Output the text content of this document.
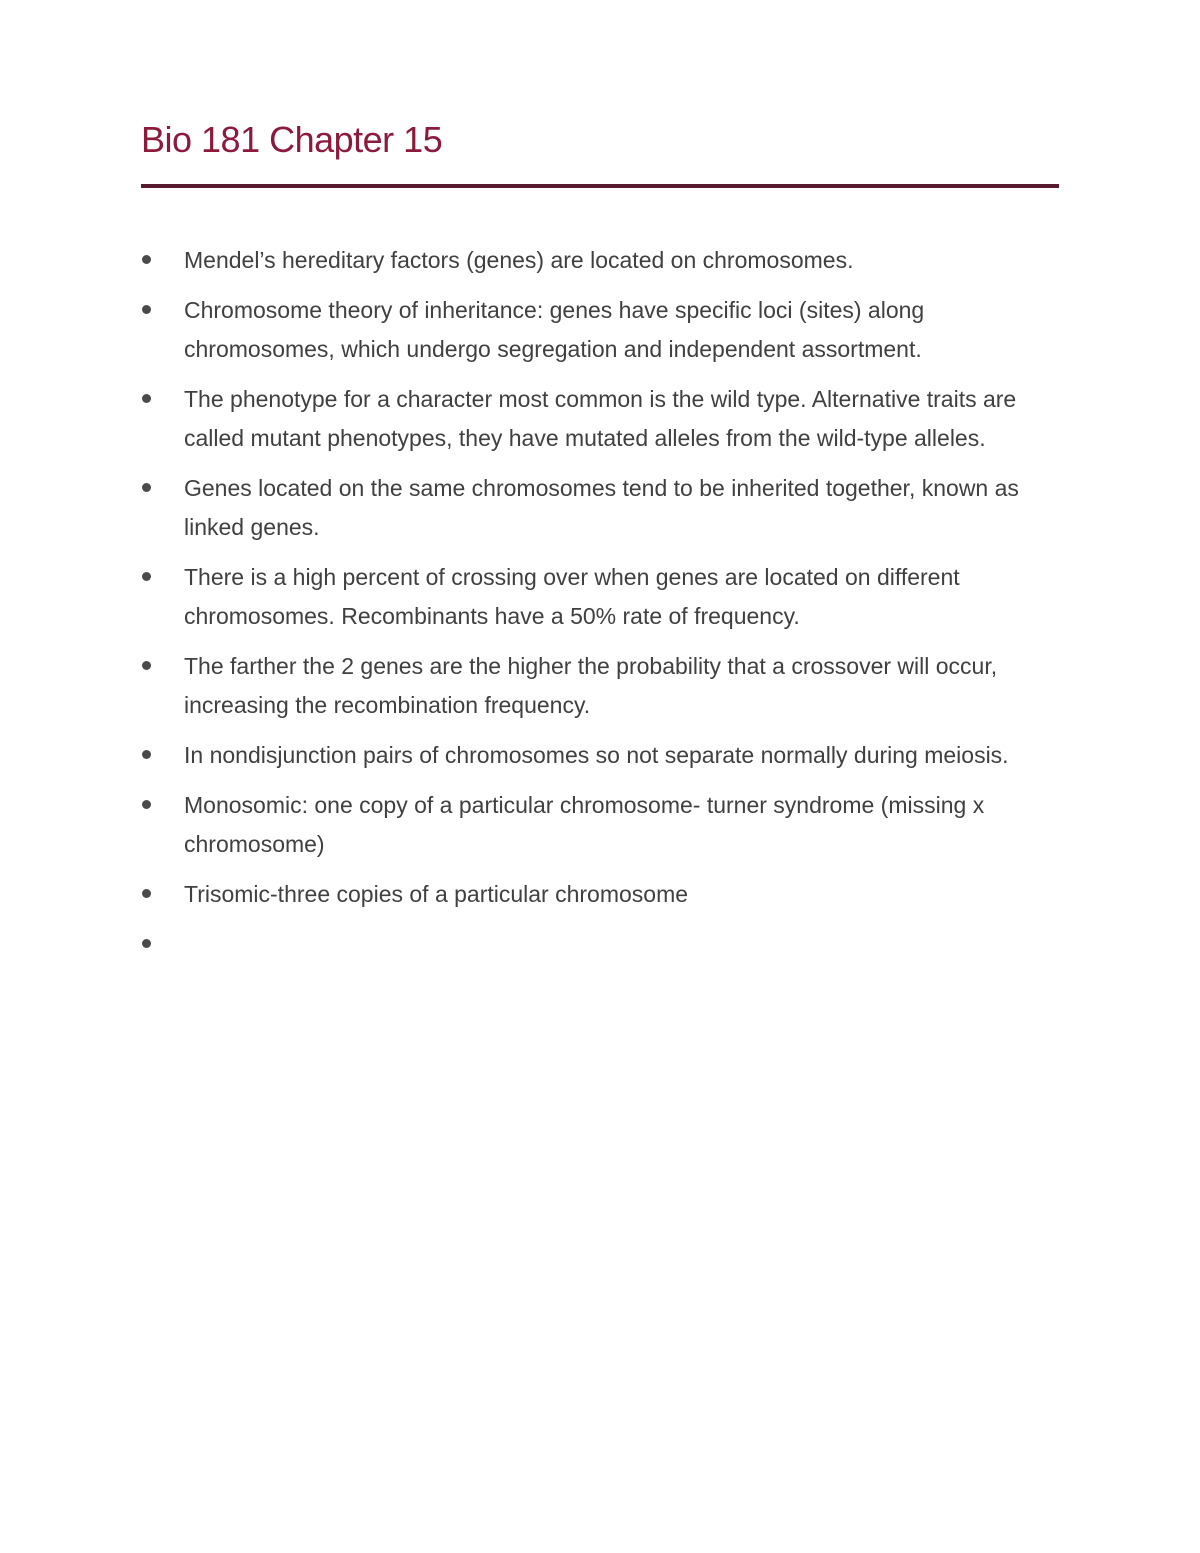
Bio 181 Chapter 15
Mendel’s hereditary factors (genes) are located on chromosomes.
Chromosome theory of inheritance: genes have specific loci (sites) along chromosomes, which undergo segregation and independent assortment.
The phenotype for a character most common is the wild type. Alternative traits are called mutant phenotypes, they have mutated alleles from the wild-type alleles.
Genes located on the same chromosomes tend to be inherited together, known as linked genes.
There is a high percent of crossing over when genes are located on different chromosomes. Recombinants have a 50% rate of frequency.
The farther the 2 genes are the higher the probability that a crossover will occur, increasing the recombination frequency.
In nondisjunction pairs of chromosomes so not separate normally during meiosis.
Monosomic: one copy of a particular chromosome- turner syndrome (missing x chromosome)
Trisomic-three copies of a particular chromosome
